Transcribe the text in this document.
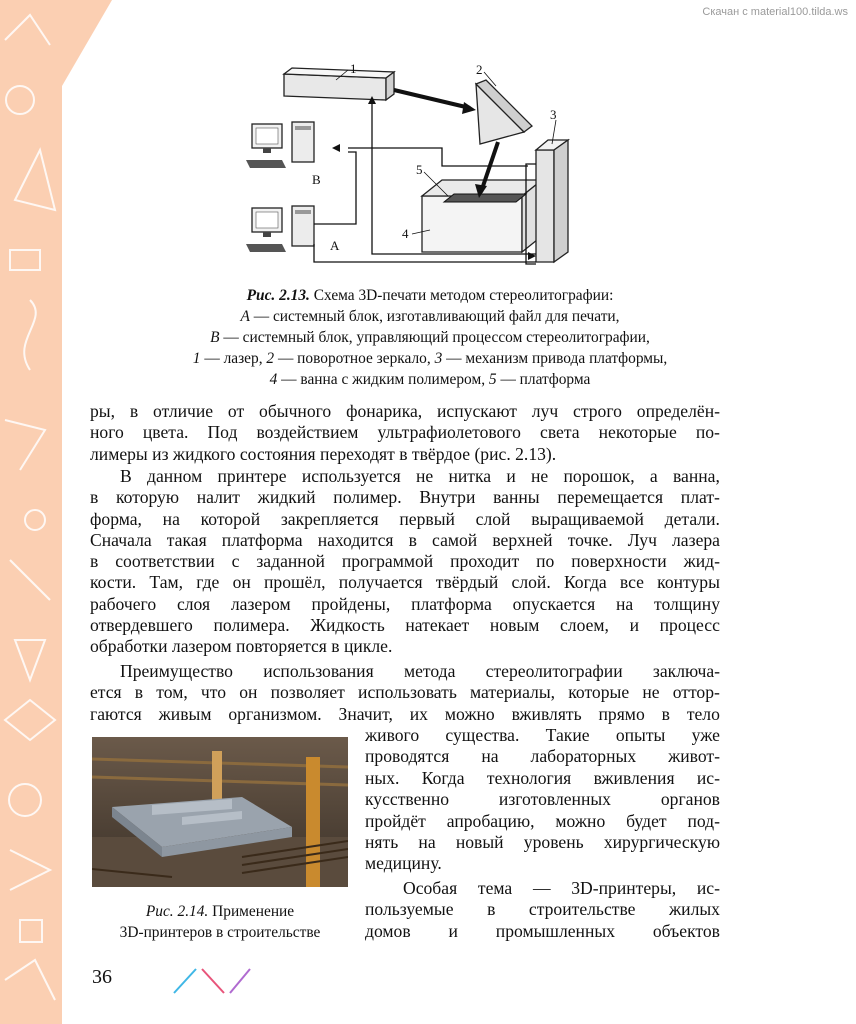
Скачан с material100.tilda.ws
1	2
3
5
4
B
A
Рис. 2.13. Схема 3D-печати методом стереолитографии:
А — системный блок, изготавливающий файл для печати,
В — системный блок, управляющий процессом стереолитографии,
1 — лазер, 2 — поворотное зеркало, 3 — механизм привода платформы,
4 — ванна с жидким полимером, 5 — платформа
ры, в отличие от обычного фонарика, испускают луч строго определён-
ного цвета. Под воздействием ультрафиолетового света некоторые по-
лимеры из жидкого состояния переходят в твёрдое (рис. 2.13).
В данном принтере используется не нитка и не порошок, а ванна,
в которую налит жидкий полимер. Внутри ванны перемещается плат-
форма, на которой закрепляется первый слой выращиваемой детали.
Сначала такая платформа находится в самой верхней точке. Луч лазера
в соответствии с заданной программой проходит по поверхности жид-
кости. Там, где он прошёл, получается твёрдый слой. Когда все контуры
рабочего слоя лазером пройдены, платформа опускается на толщину
отвердевшего полимера. Жидкость натекает новым слоем, и процесс
обработки лазером повторяется в цикле.
Преимущество использования метода стереолитографии заключа-
ется в том, что он позволяет использовать материалы, которые не оттор-
гаются живым организмом. Значит, их можно вживлять прямо в тело
Рис. 2.14. Применение
3D-принтеров в строительстве
живого существа. Такие опыты уже
проводятся на лабораторных живот-
ных. Когда технология вживления ис-
кусственно	изготовленных	органов
пройдёт апробацию, можно будет под-
нять на новый уровень хирургическую
медицину.
Особая тема — 3D-принтеры, ис-
пользуемые в строительстве жилых
домов и промышленных объектов
36
